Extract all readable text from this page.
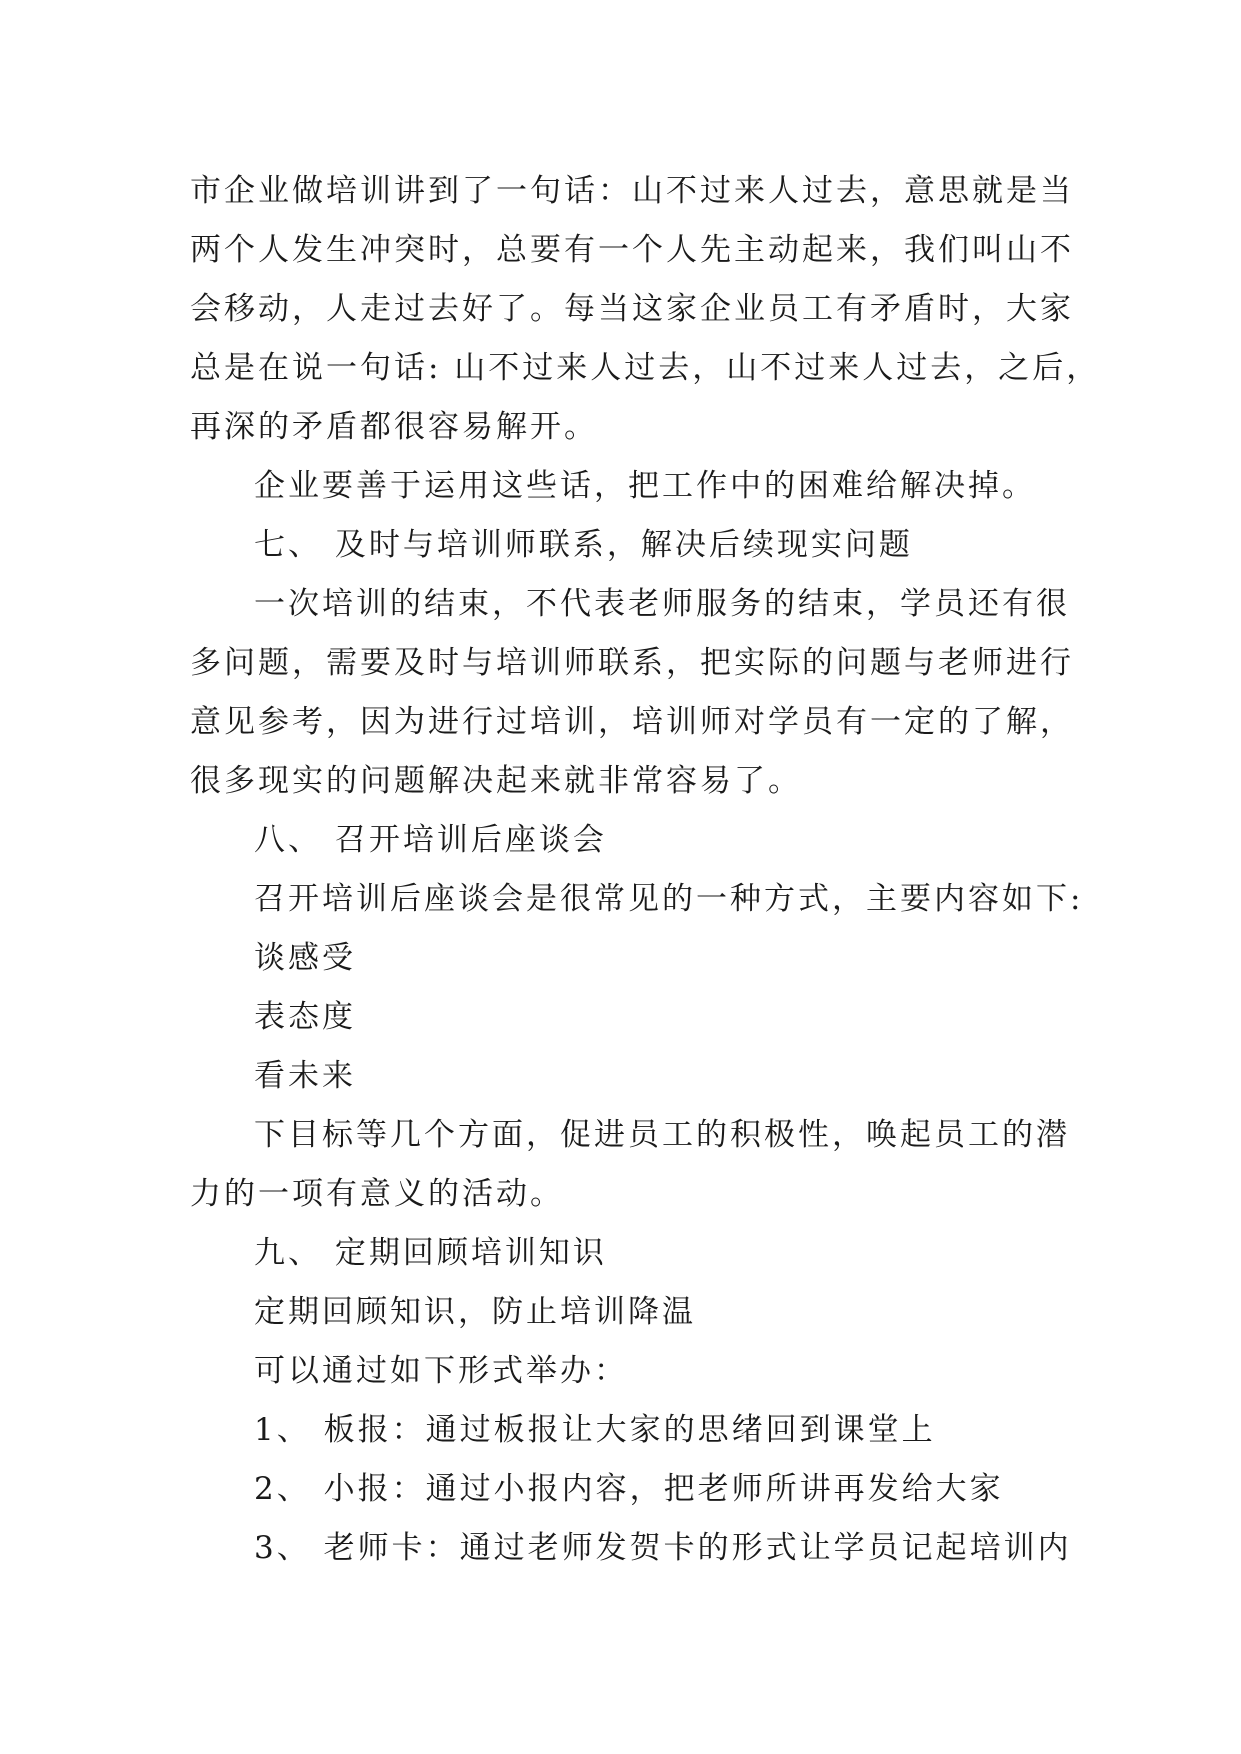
市企业做培训讲到了一句话：山不过来人过去，意思就是当
两个人发生冲突时，总要有一个人先主动起来，我们叫山不
会移动，人走过去好了。每当这家企业员工有矛盾时，大家
总是在说一句话: 山不过来人过去，山不过来人过去，之后，
再深的矛盾都很容易解开。
企业要善于运用这些话，把工作中的困难给解决掉。
七、 及时与培训师联系，解决后续现实问题
一次培训的结束，不代表老师服务的结束，学员还有很
多问题，需要及时与培训师联系，把实际的问题与老师进行
意见参考，因为进行过培训，培训师对学员有一定的了解，
很多现实的问题解决起来就非常容易了。
八、 召开培训后座谈会
召开培训后座谈会是很常见的一种方式，主要内容如下:
谈感受
表态度
看未来
下目标等几个方面，促进员工的积极性，唤起员工的潜
力的一项有意义的活动。
九、 定期回顾培训知识
定期回顾知识，防止培训降温
可以通过如下形式举办：
1、 板报：通过板报让大家的思绪回到课堂上
2、 小报：通过小报内容，把老师所讲再发给大家
3、 老师卡：通过老师发贺卡的形式让学员记起培训内
